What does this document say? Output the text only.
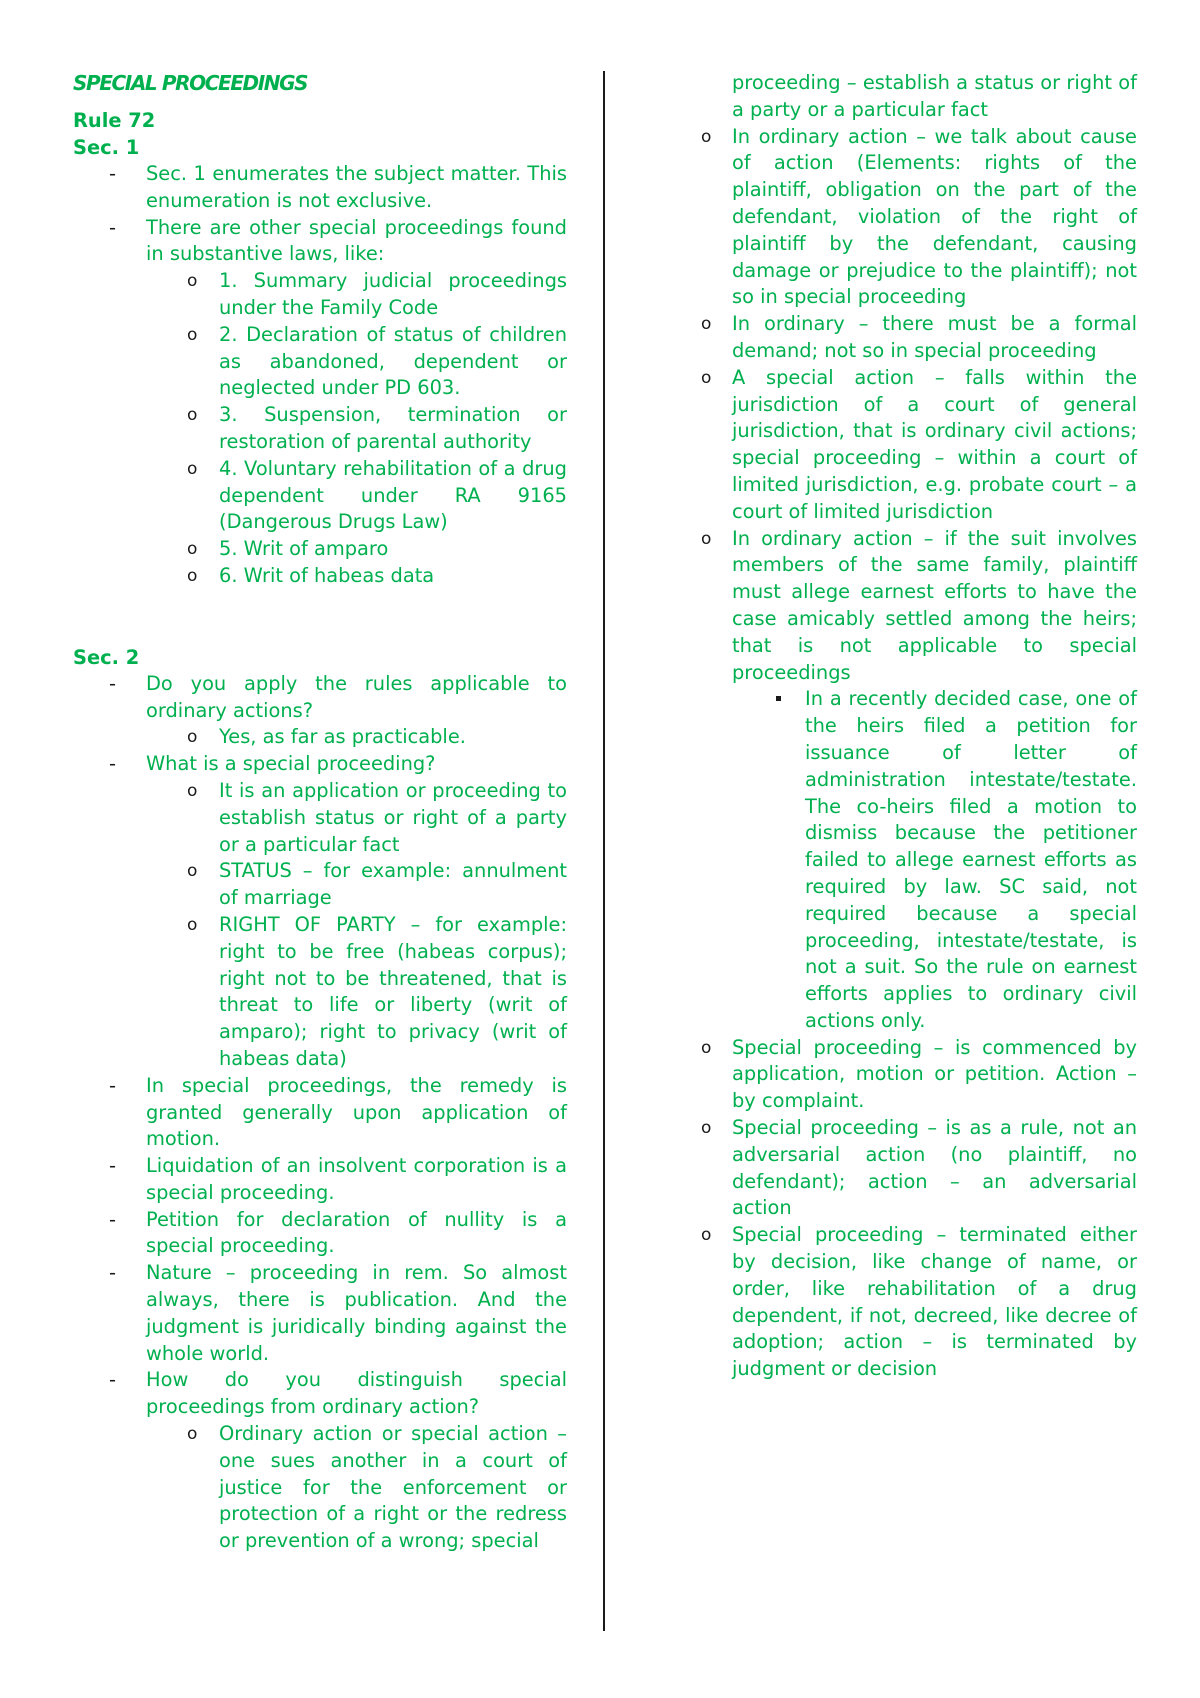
SPECIAL PROCEEDINGS
Rule 72
Sec. 1
- Sec. 1 enumerates the subject matter. This enumeration is not exclusive.
- There are other special proceedings found in substantive laws, like:
o 1. Summary judicial proceedings under the Family Code
o 2. Declaration of status of children as abandoned, dependent or neglected under PD 603.
o 3. Suspension, termination or restoration of parental authority
o 4. Voluntary rehabilitation of a drug dependent under RA 9165 (Dangerous Drugs Law)
o 5. Writ of amparo
o 6. Writ of habeas data
Sec. 2
- Do you apply the rules applicable to ordinary actions?
o Yes, as far as practicable.
- What is a special proceeding?
o It is an application or proceeding to establish status or right of a party or a particular fact
o STATUS – for example: annulment of marriage
o RIGHT OF PARTY – for example: right to be free (habeas corpus); right not to be threatened, that is threat to life or liberty (writ of amparo); right to privacy (writ of habeas data)
- In special proceedings, the remedy is granted generally upon application of motion.
- Liquidation of an insolvent corporation is a special proceeding.
- Petition for declaration of nullity is a special proceeding.
- Nature – proceeding in rem. So almost always, there is publication. And the judgment is juridically binding against the whole world.
- How do you distinguish special proceedings from ordinary action?
o Ordinary action or special action – one sues another in a court of justice for the enforcement or protection of a right or the redress or prevention of a wrong; special
proceeding – establish a status or right of a party or a particular fact
o In ordinary action – we talk about cause of action (Elements: rights of the plaintiff, obligation on the part of the defendant, violation of the right of plaintiff by the defendant, causing damage or prejudice to the plaintiff); not so in special proceeding
o In ordinary – there must be a formal demand; not so in special proceeding
o A special action – falls within the jurisdiction of a court of general jurisdiction, that is ordinary civil actions; special proceeding – within a court of limited jurisdiction, e.g. probate court – a court of limited jurisdiction
o In ordinary action – if the suit involves members of the same family, plaintiff must allege earnest efforts to have the case amicably settled among the heirs; that is not applicable to special proceedings
In a recently decided case, one of the heirs filed a petition for issuance of letter of administration intestate/testate. The co-heirs filed a motion to dismiss because the petitioner failed to allege earnest efforts as required by law. SC said, not required because a special proceeding, intestate/testate, is not a suit. So the rule on earnest efforts applies to ordinary civil actions only.
o Special proceeding – is commenced by application, motion or petition. Action – by complaint.
o Special proceeding – is as a rule, not an adversarial action (no plaintiff, no defendant); action – an adversarial action
o Special proceeding – terminated either by decision, like change of name, or order, like rehabilitation of a drug dependent, if not, decreed, like decree of adoption; action – is terminated by judgment or decision
